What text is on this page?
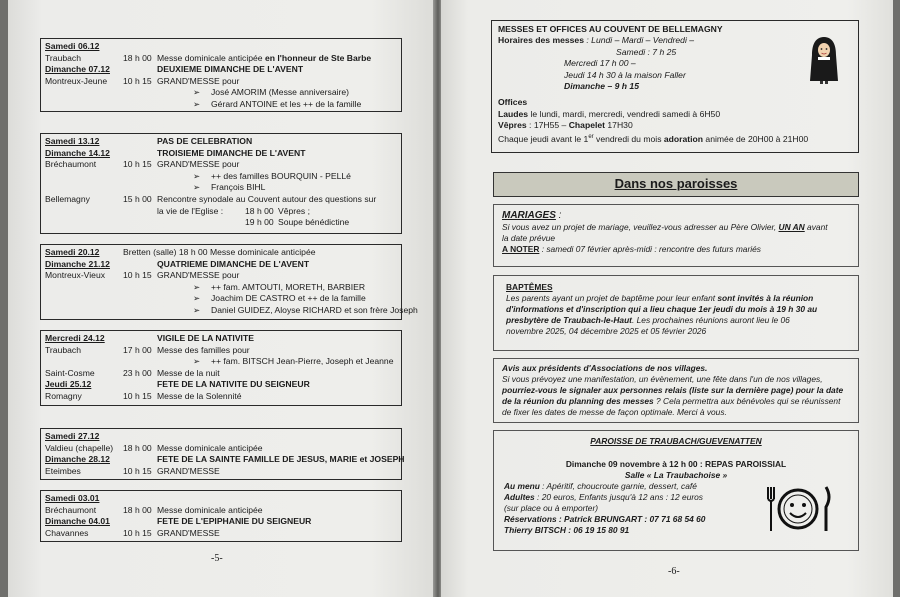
Samedi 06.12
Traubach	18 h 00 Messe dominicale anticipée en l'honneur de Ste Barbe
Dimanche 07.12	DEUXIEME DIMANCHE DE L'AVENT
Montreux-Jeune 10 h 15 GRAND'MESSE pour
➢ José AMORIM (Messe anniversaire)
➢ Gérard ANTOINE et les ++ de la famille
Samedi 13.12	PAS DE CELEBRATION
Dimanche 14.12	TROISIEME DIMANCHE DE L'AVENT
Bréchaumont	10 h 15 GRAND'MESSE pour
➢ ++ des familles BOURQUIN - PELLé
➢ François BIHL
Bellemagny	15 h 00 Rencontre synodale au Couvent autour des questions sur
la vie de l'Eglise :	18 h 00 Vêpres ;
19 h 00 Soupe bénédictine
Samedi 20.12	Bretten (salle) 18 h 00 Messe dominicale anticipée
Dimanche 21.12	QUATRIEME DIMANCHE DE L'AVENT
Montreux-Vieux 10 h 15 GRAND'MESSE pour
➢ ++ fam. AMTOUTI, MORETH, BARBIER
➢ Joachim DE CASTRO et ++ de la famille
➢ Daniel GUIDEZ, Aloyse RICHARD et son frère Joseph
Mercredi 24.12	VIGILE DE LA NATIVITE
Traubach	17 h 00 Messe des familles pour
➢ ++ fam. BITSCH Jean-Pierre, Joseph et Jeanne
Saint-Cosme	23 h 00 Messe de la nuit
Jeudi 25.12	FETE DE LA NATIVITE DU SEIGNEUR
Romagny	10 h 15 Messe de la Solennité
Samedi 27.12
Valdieu (chapelle) 18 h 00 Messe dominicale anticipée
Dimanche 28.12	FETE DE LA SAINTE FAMILLE DE JESUS, MARIE et JOSEPH
Eteimbes	10 h 15 GRAND'MESSE
Samedi 03.01
Bréchaumont	18 h 00 Messe dominicale anticipée
Dimanche 04.01	FETE DE L'EPIPHANIE DU SEIGNEUR
Chavannes	10 h 15 GRAND'MESSE
-5-
MESSES ET OFFICES AU COUVENT DE BELLEMAGNY
Horaires des messes : Lundi – Mardi – Vendredi –
Samedi : 7 h 25
Mercredi 17 h 00 –
Jeudi 14 h 30 à la maison Faller
Dimanche – 9 h 15
Offices
Laudes le lundi, mardi, mercredi, vendredi samedi à 6H50
Vêpres : 17H55 – Chapelet 17H30
Chaque jeudi avant le 1er vendredi du mois adoration animée de 20H00 à 21H00
Dans nos paroisses
MARIAGES :
Si vous avez un projet de mariage, veuillez-vous adresser au Père Olivier, UN AN avant
la date prévue
A NOTER : samedi 07 février après-midi : rencontre des futurs mariés
BAPTÊMES
Les parents ayant un projet de baptême pour leur enfant sont invités à la réunion
d'informations et d'inscription qui a lieu chaque 1er jeudi du mois à 19 h 30 au
presbytère de Traubach-le-Haut. Les prochaines réunions auront lieu le 06
novembre 2025, 04 décembre 2025 et 05 février 2026
Avis aux présidents d'Associations de nos villages.
Si vous prévoyez une manifestation, un évènement, une fête dans l'un de nos villages,
pourriez-vous le signaler aux personnes relais (liste sur la dernière page) pour la date
de la réunion du planning des messes ? Cela permettra aux bénévoles qui se réunissent
de fixer les dates de messe de façon optimale. Merci à vous.
PAROISSE DE TRAUBACH/GUEVENATTEN
Dimanche 09 novembre à 12 h 00 : REPAS PAROISSIAL
Salle « La Traubachoise »
Au menu : Apéritif, choucroute garnie, dessert, café
Adultes : 20 euros, Enfants jusqu'à 12 ans : 12 euros
(sur place ou à emporter)
Réservations : Patrick BRUNGART : 07 71 68 54 60
Thierry BITSCH : 06 19 15 80 91
-6-
